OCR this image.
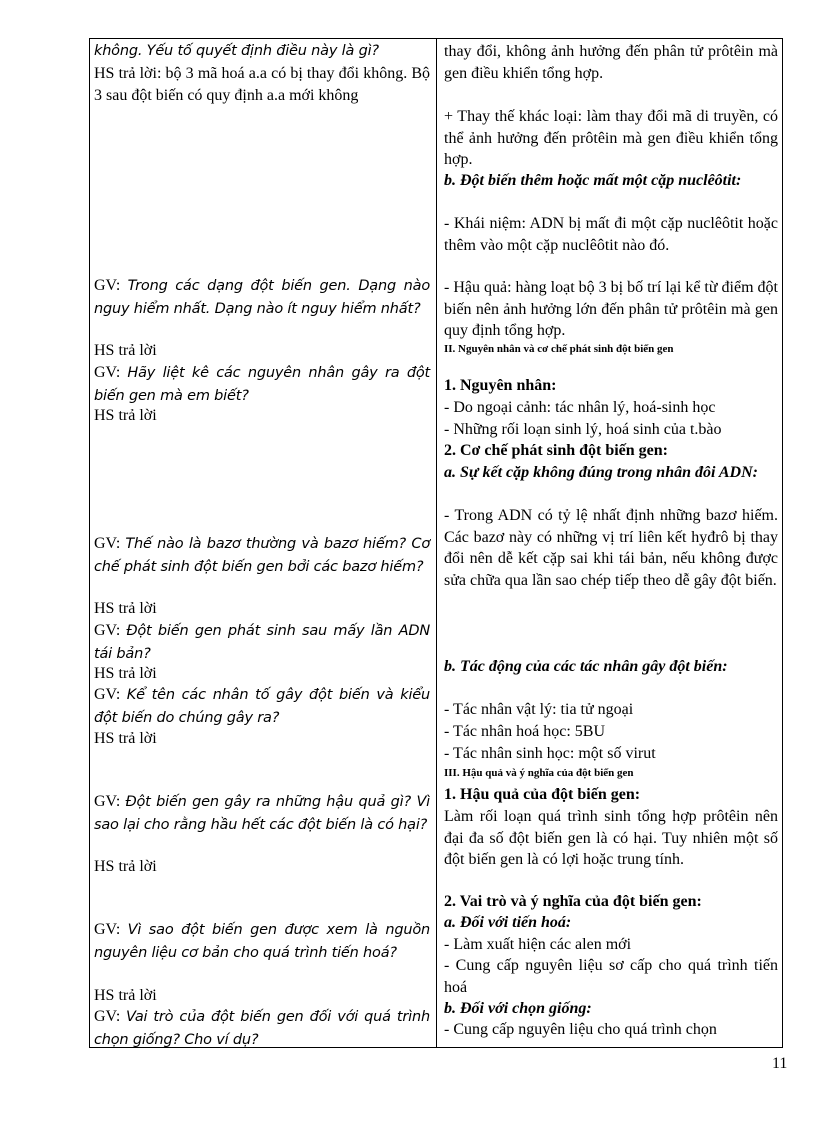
không. Yếu tố quyết định điều này là gì?
HS trả lời: bộ 3 mã hoá a.a có bị thay đổi không. Bộ 3 sau đột biến có quy định a.a mới không
GV: Trong các dạng đột biến gen. Dạng nào nguy hiểm nhất. Dạng nào ít nguy hiểm nhất?
HS trả lời
GV: Hãy liệt kê các nguyên nhân gây ra đột biến gen mà em biết?
HS trả lời
GV: Thế nào là bazơ thường và bazơ hiếm? Cơ chế phát sinh đột biến gen bởi các bazơ hiếm?
HS trả lời
GV: Đột biến gen phát sinh sau mấy lần ADN tái bản?
HS trả lời
GV: Kể tên các nhân tố gây đột biến và kiểu đột biến do chúng gây ra?
HS trả lời
GV: Đột biến gen gây ra những hậu quả gì? Vì sao lại cho rằng hầu hết các đột biến là có hại?
HS trả lời
GV: Vì sao đột biến gen được xem là nguồn nguyên liệu cơ bản cho quá trình tiến hoá?
HS trả lời
GV: Vai trò của đột biến gen đối với quá trình chọn giống? Cho ví dụ?
thay đổi, không ảnh hưởng đến phân tử prôtêin mà gen điều khiển tổng hợp.
+ Thay thế khác loại: làm thay đổi mã di truyền, có thể ảnh hưởng đến prôtêin mà gen điều khiển tổng hợp.
b. Đột biến thêm hoặc mất một cặp nuclêôtit:
- Khái niệm: ADN bị mất đi một cặp nuclêôtit hoặc thêm vào một cặp nuclêôtit nào đó.
- Hậu quả: hàng loạt bộ 3 bị bố trí lại kể từ điểm đột biến nên ảnh hưởng lớn đến phân tử prôtêin mà gen quy định tổng hợp.
II. Nguyên nhân và cơ chế phát sinh đột biến gen
1. Nguyên nhân:
- Do ngoại cảnh: tác nhân lý, hoá-sinh học
- Những rối loạn sinh lý, hoá sinh của t.bào
2. Cơ chế phát sinh đột biến gen:
a. Sự kết cặp không đúng trong nhân đôi ADN:
- Trong ADN có tỷ lệ nhất định những bazơ hiếm. Các bazơ này có những vị trí liên kết hyđrô bị thay đổi nên dễ kết cặp sai khi tái bản, nếu không được sửa chữa qua lần sao chép tiếp theo dễ gây đột biến.
b. Tác động của các tác nhân gây đột biến:
- Tác nhân vật lý: tia tử ngoại
- Tác nhân hoá học: 5BU
- Tác nhân sinh học: một số virut
III. Hậu quả và ý nghĩa của đột biến gen
1. Hậu quả của đột biến gen:
Làm rối loạn quá trình sinh tổng hợp prôtêin nên đại đa số đột biến gen là có hại. Tuy nhiên một số đột biến gen là có lợi hoặc trung tính.
2. Vai trò và ý nghĩa của đột biến gen:
a. Đối với tiến hoá:
- Làm xuất hiện các alen mới
- Cung cấp nguyên liệu sơ cấp cho quá trình tiến hoá
b. Đối với chọn giống:
- Cung cấp nguyên liệu cho quá trình chọn
11
